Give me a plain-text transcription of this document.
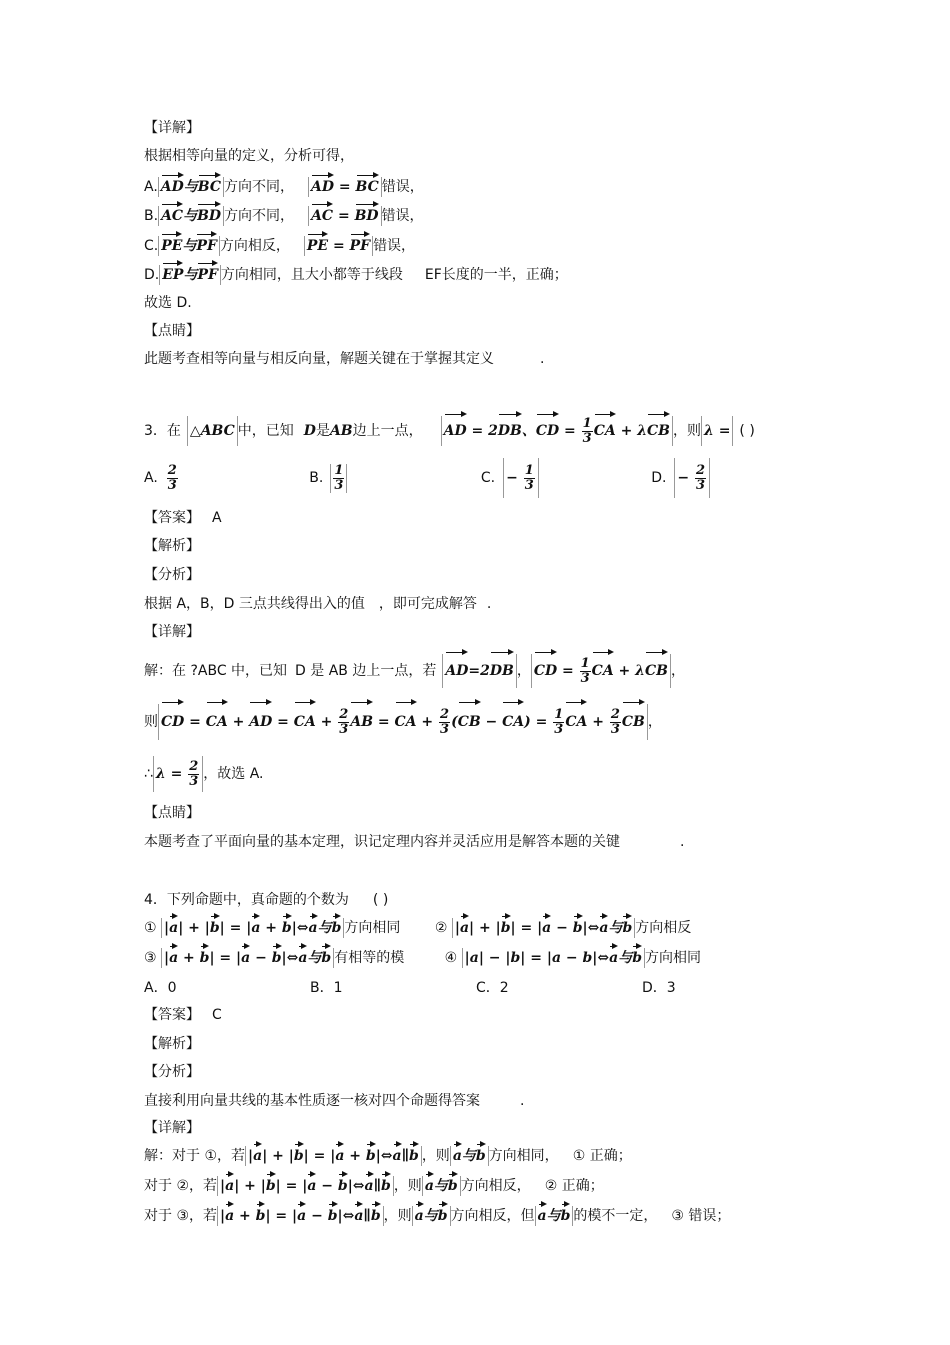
【详解】
根据相等向量的定义，分析可得，
A. AD与BC 方向不同， AD = BC 错误，
B. AC与BD 方向不同， AC = BD 错误，
C. PE与PF 方向相反， PE = PF 错误，
D. EP与PF 方向相同，且大小都等于线段 EF长度的一半，正确；
故选 D.
【点睛】
此题考查相等向量与相反向量，解题关键在于掌握其定义	.
3．在 △ABC 中，已知 D是AB边上一点， AD = 2DB、CD = $\frac{1}{3}$ CA + λCB ，则 λ = ( )
A. $\frac{2}{3}$	B. $\frac{1}{3}$	C. − $\frac{1}{3}$	D. − $\frac{2}{3}$
【答案】 A
【解析】
【分析】
根据 A，B，D 三点共线得出入的值 ，即可完成解答 .
【详解】
解：在 ?ABC 中，已知 D 是 AB 边上一点，若 AD=2DB ， CD = $\frac{1}{3}$ CA + λCB ，
则 CD = CA + AD = CA + $\frac{2}{3}$ AB = CA + $\frac{2}{3} (CB - CA) = \frac{1}{3}$ CA + $\frac{2}{3}$ CB ，
∴ $\lambda = \frac{2}{3}$ ，故选 A.
【点睛】
本题考查了平面向量的基本定理，识记定理内容并灵活应用是解答本题的关键	.
4．下列命题中，真命题的个数为 ( )
① |a| + |b| = |a + b|⇔a与b 方向相同 ② |a| + |b| = |a − b|⇔a与b 方向相反
③ |a + b| = |a − b|⇔a与b 有相等的模	④ |a| − |b| = |a − b|⇔a与b 方向相同
A．0	B．1	C．2	D．3
【答案】 C
【解析】
【分析】
直接利用向量共线的基本性质逐一核对四个命题得答案	.
【详解】
解：对于 ①，若 |a| + |b| = |a + b|⇔a∥b ，则 a与b 方向相同， ① 正确；
对于 ②，若 |a| + |b| = |a − b|⇔a∥b ，则 a与b 方向相反， ② 正确；
对于 ③，若 |a + b| = |a − b|⇔a∥b ，则 a与b 方向相反，但 a与b 的模不一定， ③ 错误；
